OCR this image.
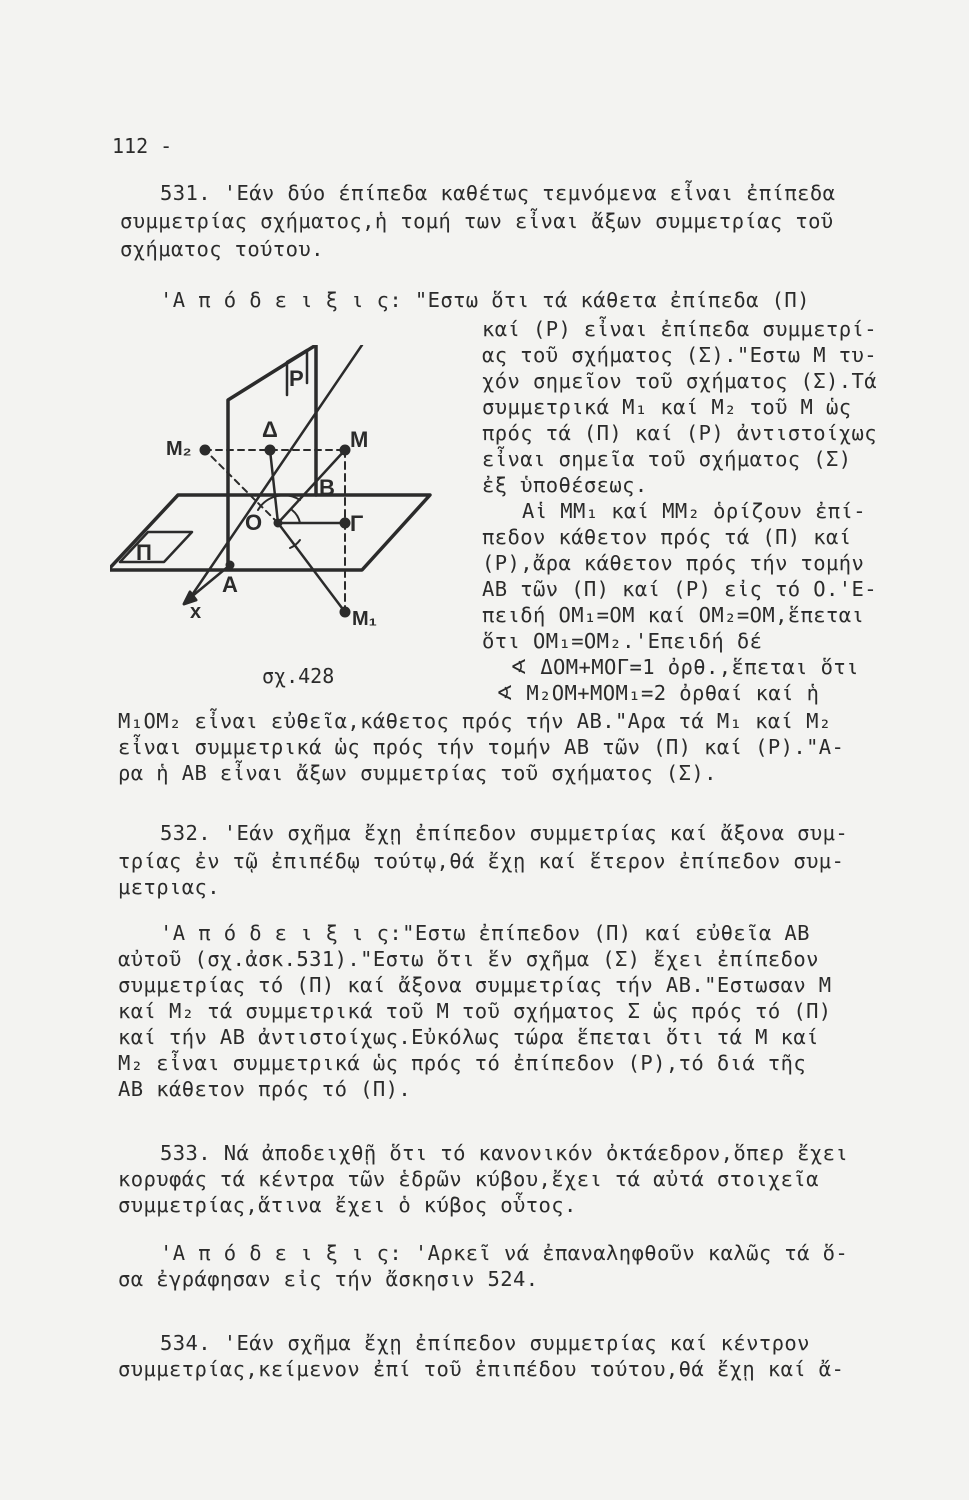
112 -
531. 'Εάν δύο έπίπεδα καθέτως τεμνόμενα εἶναι ἐπίπεδα
συμμετρίας σχήματος,ἡ τομή των εἶναι ἄξων συμμετρίας τοῦ
σχήματος τούτου.
'Α π ό δ ε ι ξ ι ς: "Εστω ὅτι τά κάθετα ἐπίπεδα (Π)
καί (Ρ) εἶναι ἐπίπεδα συμμετρί-
ας τοῦ σχήματος (Σ)."Εστω Μ τυ-
χόν σημεῖον τοῦ σχήματος (Σ).Τά
συμμετρικά Μ₁ καί Μ₂ τοῦ Μ ὡς
πρός τά (Π) καί (Ρ) ἀντιστοίχως
εἶναι σημεῖα τοῦ σχήματος (Σ)
ἐξ ὑποθέσεως.
Αἱ ΜΜ₁ καί ΜΜ₂ ὁρίζουν ἐπί-
πεδον κάθετον πρός τά (Π) καί
(Ρ),ἄρα κάθετον πρός τήν τομήν
ΑΒ τῶν (Π) καί (Ρ) εἰς τό Ο.'Ε-
πειδή ΟΜ₁=ΟΜ καί ΟΜ₂=ΟΜ,ἕπεται
ὅτι ΟΜ₁=ΟΜ₂.'Επειδή δέ
∢ ΔΟΜ+ΜΟΓ=1 ὀρθ.,ἕπεται ὅτι
∢ Μ₂ΟΜ+ΜΟΜ₁=2 ὀρθαί καί ἡ
Μ₁ΟΜ₂ εἶναι εὐθεῖα,κάθετος πρός τήν ΑΒ."Αρα τά Μ₁ καί Μ₂
εἶναι συμμετρικά ὡς πρός τήν τομήν ΑΒ τῶν (Π) καί (Ρ)."Α-
ρα ἡ ΑΒ εἶναι ἄξων συμμετρίας τοῦ σχήματος (Σ).
532. 'Εάν σχῆμα ἔχῃ ἐπίπεδον συμμετρίας καί ἄξονα συμ-
τρίας ἐν τῷ ἐπιπέδῳ τούτῳ,θά ἔχῃ καί ἕτερον ἐπίπεδον συμ-
μετριας.
'Α π ό δ ε ι ξ ι ς:"Εστω ἐπίπεδον (Π) καί εὐθεῖα ΑΒ
αὐτοῦ (σχ.ἀσκ.531)."Εστω ὅτι ἕν σχῆμα (Σ) ἔχει ἐπίπεδον
συμμετρίας τό (Π) καί ἄξονα συμμετρίας τήν ΑΒ."Εστωσαν Μ
καί Μ₂ τά συμμετρικά τοῦ Μ τοῦ σχήματος Σ ὡς πρός τό (Π)
καί τήν ΑΒ ἀντιστοίχως.Εὐκόλως τώρα ἕπεται ὅτι τά Μ καί
Μ₂ εἶναι συμμετρικά ὡς πρός τό ἐπίπεδον (Ρ),τό διά τῆς
ΑΒ κάθετον πρός τό (Π).
533. Νά ἀποδειχθῇ ὅτι τό κανονικόν ὀκτάεδρον,ὅπερ ἔχει
κορυφάς τά κέντρα τῶν ἑδρῶν κύβου,ἔχει τά αὐτά στοιχεῖα
συμμετρίας,ἅτινα ἔχει ὁ κύβος οὗτος.
'Α π ό δ ε ι ξ ι ς: 'Αρκεῖ νά ἐπαναληφθοῦν καλῶς τά ὅ-
σα ἐγράφησαν εἰς τήν ἄσκησιν 524.
534. 'Εάν σχῆμα ἔχῃ ἐπίπεδον συμμετρίας καί κέντρον
συμμετρίας,κείμενον ἐπί τοῦ ἐπιπέδου τούτου,θά ἔχῃ καί ἄ-
P
Π
Δ	M
M₂
B
O	Γ
A
x	M₁
σχ.428
